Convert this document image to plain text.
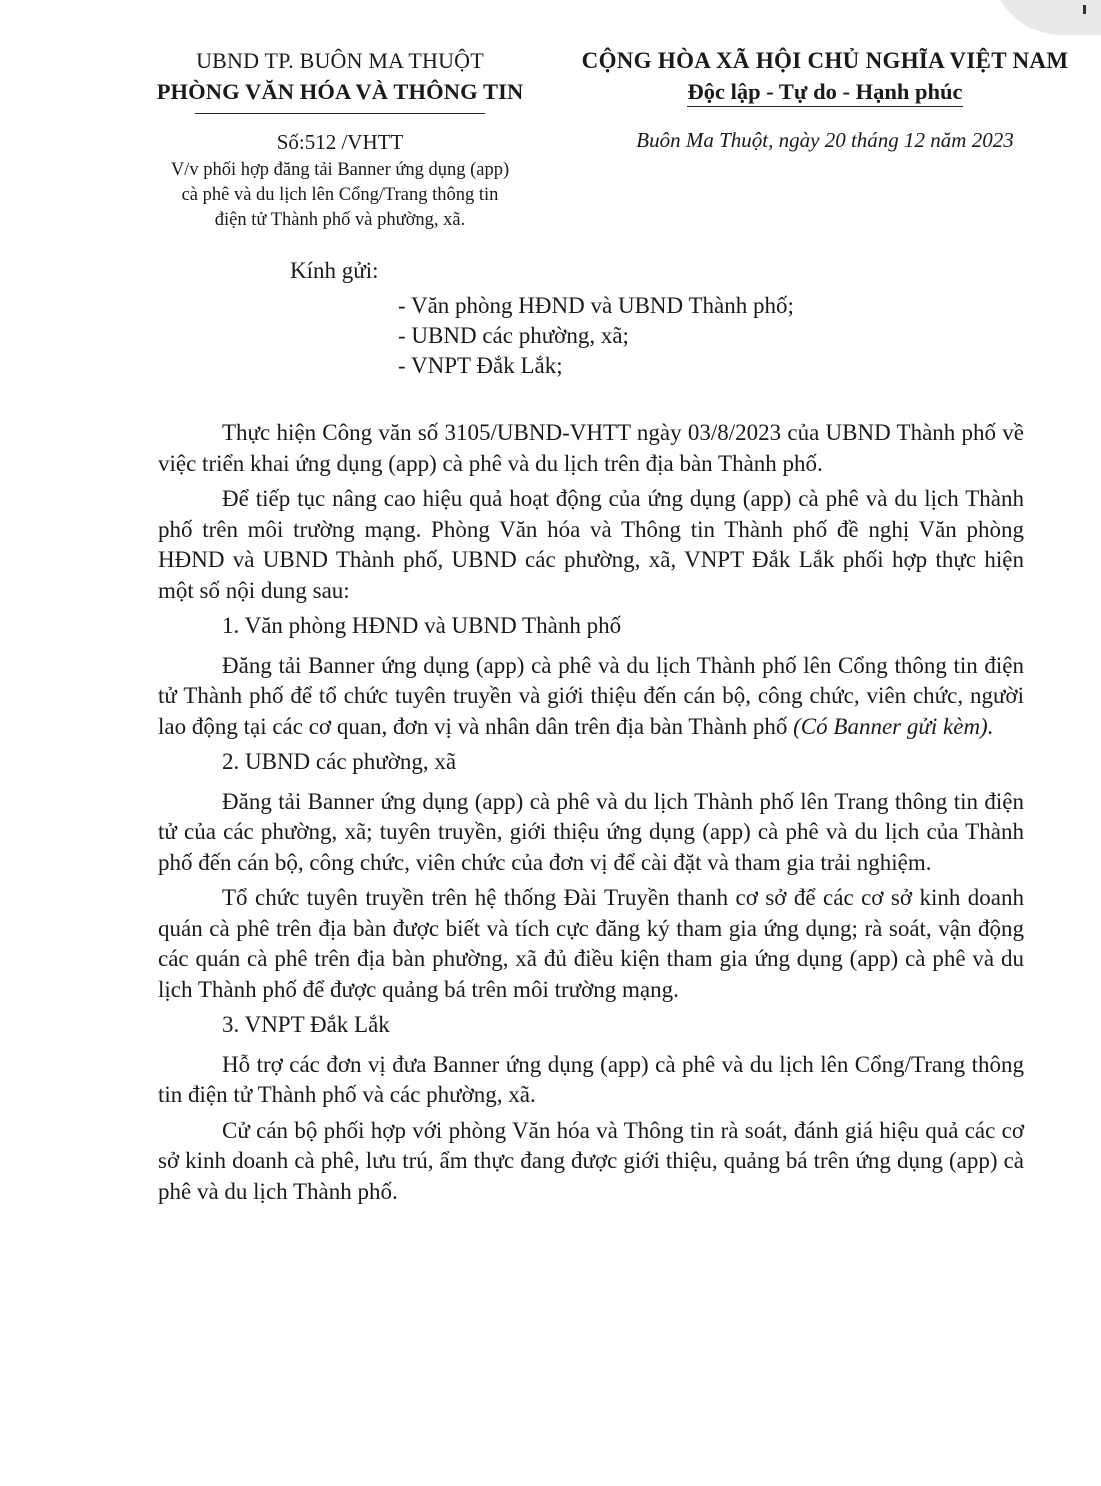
UBND TP. BUÔN MA THUỘT
PHÒNG VĂN HÓA VÀ THÔNG TIN
Số:512 /VHTT
V/v phối hợp đăng tải Banner ứng dụng (app)
cà phê và du lịch lên Cổng/Trang thông tin
điện tử Thành phố và phường, xã.
CỘNG HÒA XÃ HỘI CHỦ NGHĨA VIỆT NAM
Độc lập - Tự do - Hạnh phúc
Buôn Ma Thuột, ngày 20 tháng 12 năm 2023
Kính gửi:
- Văn phòng HĐND và UBND Thành phố;
- UBND các phường, xã;
- VNPT Đắk Lắk;

Thực hiện Công văn số 3105/UBND-VHTT ngày 03/8/2023 của UBND Thành phố về việc triển khai ứng dụng (app) cà phê và du lịch trên địa bàn Thành phố.

Để tiếp tục nâng cao hiệu quả hoạt động của ứng dụng (app) cà phê và du lịch Thành phố trên môi trường mạng. Phòng Văn hóa và Thông tin Thành phố đề nghị Văn phòng HĐND và UBND Thành phố, UBND các phường, xã, VNPT Đắk Lắk phối hợp thực hiện một số nội dung sau:

1. Văn phòng HĐND và UBND Thành phố

Đăng tải Banner ứng dụng (app) cà phê và du lịch Thành phố lên Cổng thông tin điện tử Thành phố để tổ chức tuyên truyền và giới thiệu đến cán bộ, công chức, viên chức, người lao động tại các cơ quan, đơn vị và nhân dân trên địa bàn Thành phố (Có Banner gửi kèm).

2. UBND các phường, xã

Đăng tải Banner ứng dụng (app) cà phê và du lịch Thành phố lên Trang thông tin điện tử của các phường, xã; tuyên truyền, giới thiệu ứng dụng (app) cà phê và du lịch của Thành phố đến cán bộ, công chức, viên chức của đơn vị để cài đặt và tham gia trải nghiệm.

Tổ chức tuyên truyền trên hệ thống Đài Truyền thanh cơ sở để các cơ sở kinh doanh quán cà phê trên địa bàn được biết và tích cực đăng ký tham gia ứng dụng; rà soát, vận động các quán cà phê trên địa bàn phường, xã đủ điều kiện tham gia ứng dụng (app) cà phê và du lịch Thành phố để được quảng bá trên môi trường mạng.

3. VNPT Đắk Lắk

Hỗ trợ các đơn vị đưa Banner ứng dụng (app) cà phê và du lịch lên Cổng/Trang thông tin điện tử Thành phố và các phường, xã.

Cử cán bộ phối hợp với phòng Văn hóa và Thông tin rà soát, đánh giá hiệu quả các cơ sở kinh doanh cà phê, lưu trú, ẩm thực đang được giới thiệu, quảng bá trên ứng dụng (app) cà phê và du lịch Thành phố.
